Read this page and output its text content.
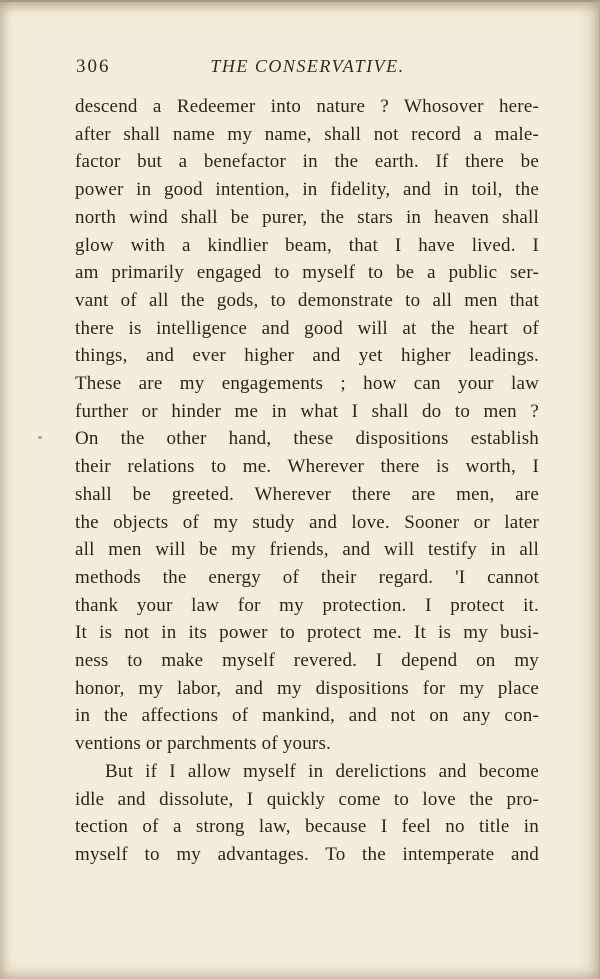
306	THE CONSERVATIVE.
descend a Redeemer into nature ? Whosover here-
after shall name my name, shall not record a male-
factor but a benefactor in the earth. If there be
power in good intention, in fidelity, and in toil, the
north wind shall be purer, the stars in heaven shall
glow with a kindlier beam, that I have lived. I
am primarily engaged to myself to be a public ser-
vant of all the gods, to demonstrate to all men that
there is intelligence and good will at the heart of
things, and ever higher and yet higher leadings.
These are my engagements ; how can your law
further or hinder me in what I shall do to men ?
On the other hand, these dispositions establish
their relations to me. Wherever there is worth, I
shall be greeted. Wherever there are men, are
the objects of my study and love. Sooner or later
all men will be my friends, and will testify in all
methods the energy of their regard. 'I cannot
thank your law for my protection. I protect it.
It is not in its power to protect me. It is my busi-
ness to make myself revered. I depend on my
honor, my labor, and my dispositions for my place
in the affections of mankind, and not on any con-
ventions or parchments of yours.
But if I allow myself in derelictions and become
idle and dissolute, I quickly come to love the pro-
tection of a strong law, because I feel no title in
myself to my advantages. To the intemperate and
